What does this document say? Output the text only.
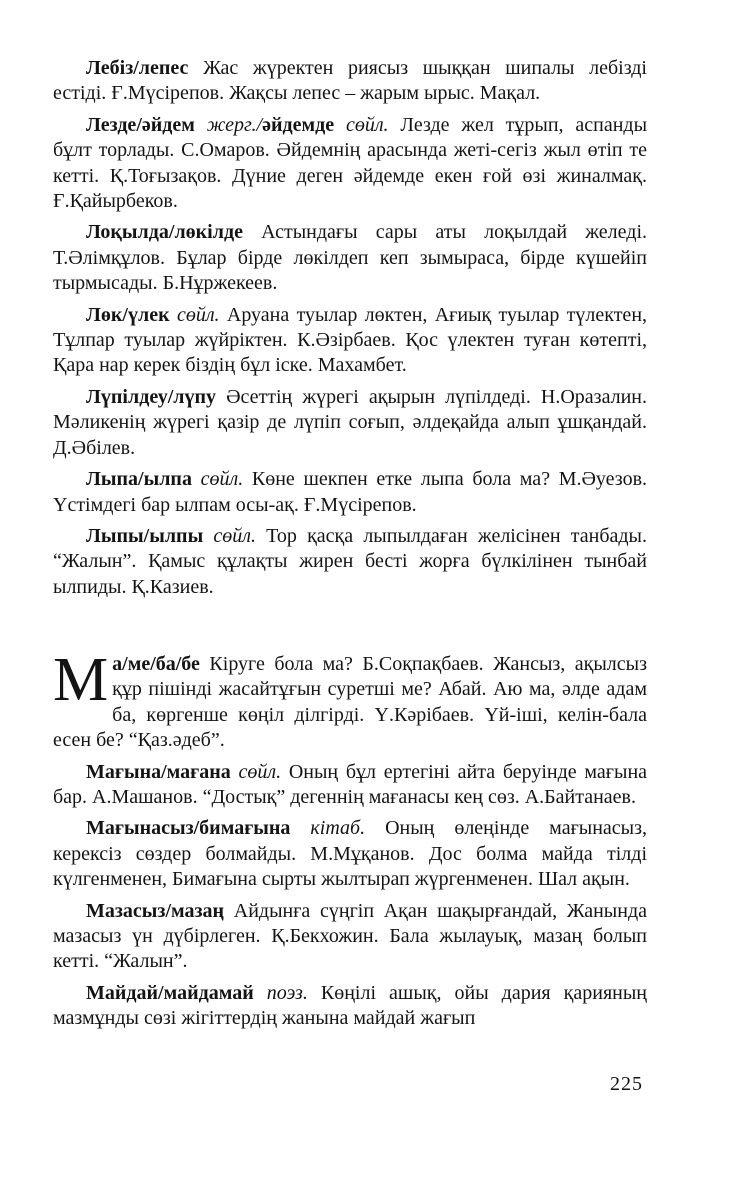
Лебіз/лепес Жас жүректен риясыз шыққан шипалы лебізді естіді. Ғ.Мүсірепов. Жақсы лепес – жарым ырыс. Мақал.

Лезде/әйдем жерг./әйдемде сөйл. Лезде жел тұрып, аспанды бұлт торлады. С.Омаров. Әйдемнің арасында жеті-сегіз жыл өтіп те кетті. Қ.Тоғызақов. Дүние деген әйдемде екен ғой өзі жиналмақ. Ғ.Қайырбеков.

Лоқылда/лөкілде Астындағы сары аты лоқылдай желеді. Т.Әлімқұлов. Бұлар бірде лөкілдеп кеп зымыраса, бірде күшейіп тырмысады. Б.Нұржекеев.

Лөк/үлек сөйл. Аруана туылар лөктен, Ағиық туылар түлектен, Тұлпар туылар жүйріктен. К.Әзірбаев. Қос үлектен туған көтепті, Қара нар керек біздің бұл іске. Махамбет.

Лүпілдеу/лүпу Әсеттің жүрегі ақырын лүпілдеді. Н.Оразалин. Мәликенің жүрегі қазір де лүпіп соғып, әлдеқайда алып ұшқандай. Д.Әбілев.

Лыпа/ылпа сөйл. Көне шекпен етке лыпа бола ма? М.Әуезов. Үстімдегі бар ылпам осы-ақ. Ғ.Мүсірепов.

Лыпы/ылпы сөйл. Тор қасқа лыпылдаған желісінен танбады. “Жалын”. Қамыс құлақты жирен бесті жорға бүлкілінен тынбай ылпиды. Қ.Казиев.

Ма/ме/ба/бе Кіруге бола ма? Б.Соқпақбаев. Жансыз, ақылсыз құр пішінді жасайтұғын суретші ме? Абай. Аю ма, әлде адам ба, көргенше көңіл ділгірді. Ү.Кәрібаев. Үй-іші, келін-бала есен бе? “Қаз.әдеб”.

Мағына/мағана сөйл. Оның бұл ертегіні айта беруінде мағына бар. А.Машанов. “Достық” дегеннің мағанасы кең сөз. А.Байтанаев.

Мағынасыз/бимағына кітаб. Оның өлеңінде мағынасыз, керексіз сөздер болмайды. М.Мұқанов. Дос болма майда тілді күлгенменен, Бимағына сырты жылтырап жүргенменен. Шал ақын.

Мазасыз/мазаң Айдынға сүңгіп Ақан шақырғандай, Жанында мазасыз үн дүбірлеген. Қ.Бекхожин. Бала жылауық, мазаң болып кетті. “Жалын”.

Майдай/майдамай поэз. Көңілі ашық, ойы дария қарияның мазмұнды сөзі жігіттердің жанына майдай жағып

225
